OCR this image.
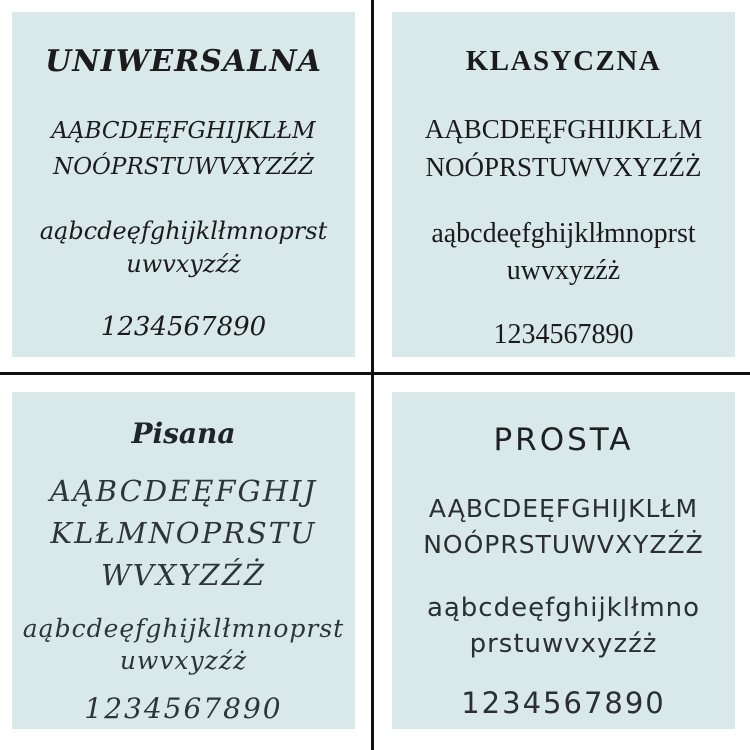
UNIWERSALNA
AĄBCDEĘFGHIJKLŁM
NOÓPRSTUWVXYZŹŻ
aąbcdeęfghijklłmnoprst
uwvxyzźż
1234567890
KLASYCZNA
AĄBCDEĘFGHIJKLŁM
NOÓPRSTUWVXYZŹŻ
aąbcdeęfghijklłmnoprst
uwvxyzźż
1234567890
Pisana
AĄBCDEĘFGHIJ
KLŁMNOPRSTU
WVXYZŹŻ
aąbcdeęfghijklłmnoprst
uwvxyzźż
1234567890
PROSTA
AĄBCDEĘFGHIJKLŁM
NOÓPRSTUWVXYZŹŻ
aąbcdeęfghijklłmno
prstuwvxyzźż
1234567890
